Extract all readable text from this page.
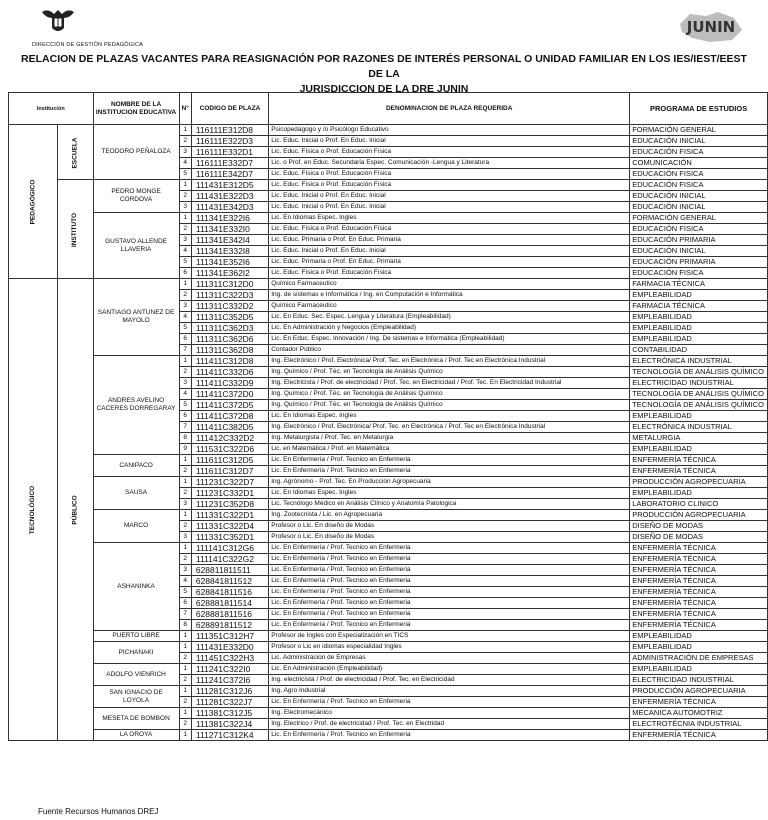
DIRECCIÓN DE GESTIÓN PEDAGÓGICA
JUNIN
RELACION DE PLAZAS VACANTES PARA REASIGNACIÓN POR RAZONES DE INTERÉS PERSONAL O UNIDAD FAMILIAR EN LOS IES/IEST/EEST DE LA
JURISDICCION DE LA DRE JUNIN
Institución		NOMBRE DE LA INSTITUCION EDUCATIVA	N°	CODIGO DE PLAZA	DENOMINACION DE PLAZA REQUERIDA	PROGRAMA DE ESTUDIOS
PEDAGÓGICO	ESCUELA	TEODORO PEÑALOZA	1	116111E312D8	Psicopedagogo y /o Psicólogo Educativo	FORMACIÓN GENERAL
			2	116111E322D3	Lic. Educ. Inicial o Prof. En Educ. Inicial	EDUCACIÓN INICIAL
			3	116111E332D1	Lic. Educ. Física o Prof. Educación Física	EDUCACIÓN FISICA
			4	116111E332D7	Lic. o Prof. en Educ. Secundaria Espec. Comunicación -Lengua y Literatura	COMUNICACIÓN
			5	116111E342D7	Lic. Educ. Física o Prof. Educación Física	EDUCACIÓN FISICA
	INSTITUTO	PEDRO MONGE CORDOVA	1	111431E312D5	Lic. Educ. Física o Prof. Educación Física	EDUCACIÓN FISICA
			2	111431E322D3	Lic. Educ. Inicial o Prof. En Educ. Inicial	EDUCACIÓN INICIAL
			3	111431E342D3	Lic. Educ. Inicial o Prof. En Educ. Inicial	EDUCACIÓN INICIAL
		GUSTAVO ALLENDE LLAVERIA	1	111341E322I6	Lic. En Idiomas Espec. Ingles	FORMACIÓN GENERAL
			2	111341E332I0	Lic. Educ. Física o Prof. Educación Física	EDUCACIÓN FISICA
			3	111341E342I4	Lic. Educ. Primaria o Prof. En Educ. Primaria	EDUCACIÓN PRIMARIA
			4	111341E332I8	Lic. Educ. Inicial o Prof. En Educ. Inicial	EDUCACIÓN INICIAL
			5	111341E352I6	Lic. Educ. Primaria o Prof. En Educ. Primaria	EDUCACIÓN PRIMARIA
			6	111341E362I2	Lic. Educ. Física o Prof. Educación Física	EDUCACIÓN FISICA
TECNOLÓGICO	PÚBLICO	SANTIAGO ANTUNEZ DE MAYOLO	1	111311C312D0	Químico Farmaceutico	FARMACIA TÉCNICA
			2	111311C322D3	Ing. de sistemas e Informática / Ing. en Computación e Informática	EMPLEABILIDAD
			3	111311C332D2	Químico Farmaceutico	FARMACIA TÉCNICA
			4	111311C352D5	Lic. En Educ. Sec. Espec. Lengua y Literatura (Empleabilidad)	EMPLEABILIDAD
			5	111311C362D3	Lic. En Administración y Negocios (Empleabilidad)	EMPLEABILIDAD
			6	111311C362D6	Lic. En Educ. Espec. Innovación / Ing. De sistemas e Informática (Empleabilidad)	EMPLEABILIDAD
			7	111311C362D8	Contador Público	CONTABILIDAD
		ANDRES AVELINO CACERES DORREGARAY	1	111411C312D8	Ing. Electrónico / Prof. Electrónica/ Prof. Tec. en Electrónica / Prof. Tec en Electrónica Industrial	ELECTRÓNICA INDUSTRIAL
			2	111411C332D6	Ing. Químico / Prof. Téc. en Tecnología de Análisis Químico	TECNOLOGÍA DE ANÁLISIS QUÍMICO
			3	111411C332D9	Ing. Electricista / Prof. de electricidad / Prof. Tec. en Electricidad / Prof. Tec. En Electricidad Industrial	ELECTRICIDAD INDUSTRIAL
			4	111411C372D0	Ing. Químico / Prof. Téc. en Tecnología de Análisis Químico	TECNOLOGÍA DE ANÁLISIS QUÍMICO
			5	111411C372D5	Ing. Químico / Prof. Téc. en Tecnología de Análisis Químico	TECNOLOGÍA DE ANÁLISIS QUÍMICO
			6	111411C372D8	Lic. En Idiomas Espec. Ingles	EMPLEABILIDAD
			7	111411C382D5	Ing. Electrónico / Prof. Electrónica/ Prof. Tec. en Electrónica / Prof. Tec en Electrónica Industrial	ELECTRÓNICA INDUSTRIAL
			8	111412C332D2	Ing. Metalurgista / Prof. Tec. en Metalurgia	METALURGIA
			9	111531C322D6	Lic. en Matemática / Prof. en Matemática	EMPLEABILIDAD
		CANIPACO	1	111611C312D5	Lic. En Enfermería / Prof. Tecnico en Enfermeria	ENFERMERÍA TÉCNICA
			2	111611C312D7	Lic. En Enfermería / Prof. Tecnico en Enfermeria	ENFERMERÍA TÉCNICA
		SAUSA	1	111231C322D7	Ing. Agrónomo - Prof. Tec. En Producción Agropecuaria	PRODUCCIÓN AGROPECUARIA
			2	111231C332D1	Lic. En Idiomas Espec. Ingles	EMPLEABILIDAD
			3	111231C352D8	Lic. Tecnólogo Médico en Análisis Clínico y Anatomía Patologica	LABORATORIO CLINICO
		MARCO	1	111331C322D1	Ing. Zootecnista / Lic. en Agropecuaria	PRODUCCIÓN AGROPECUARIA
			2	111331C322D4	Profesor o Lic. En diseño de Modas	DISEÑO DE MODAS
			3	111331C352D1	Profesor o Lic. En diseño de Modas	DISEÑO DE MODAS
		ASHANINKA	1	111141C312G6	Lic. En Enfermería / Prof. Tecnico en Enfermeria	ENFERMERÍA TÉCNICA
			2	111141C322G2	Lic. En Enfermería / Prof. Tecnico en Enfermeria	ENFERMERÍA TÉCNICA
			3	628811811511	Lic. En Enfermería / Prof. Tecnico en Enfermeria	ENFERMERÍA TÉCNICA
			4	628841811512	Lic. En Enfermería / Prof. Tecnico en Enfermeria	ENFERMERÍA TÉCNICA
			5	628841811516	Lic. En Enfermería / Prof. Tecnico en Enfermeria	ENFERMERÍA TÉCNICA
			6	628881811514	Lic. En Enfermería / Prof. Tecnico en Enfermeria	ENFERMERÍA TÉCNICA
			7	628881811516	Lic. En Enfermería / Prof. Tecnico en Enfermeria	ENFERMERÍA TÉCNICA
			8	628891811512	Lic. En Enfermería / Prof. Tecnico en Enfermeria	ENFERMERÍA TÉCNICA
		PUERTO LIBRE	1	111351C312H7	Profesor de Ingles con Especialización en TICS	EMPLEABILIDAD
		PICHANAKI	1	111431E332D0	Profesor o Lic en idiomas especialidad Ingles	EMPLEABILIDAD
			2	111451C322H3	Lic. Administracion de Empresas	ADMINISTRACIÓN DE EMPRESAS
		ADOLFO VIENRICH	1	111241C322I0	Lic. En Administración (Empleabilidad)	EMPLEABILIDAD
			2	111241C372I6	Ing. electricista / Prof. de electricidad / Prof. Tec. en Electricidad	ELECTRICIDAD INDUSTRIAL
		SAN IGNACIO DE LOYOLA	1	111281C312J6	Ing. Agro Industrial	PRODUCCIÓN AGROPECUARIA
			2	111281C322J7	Lic. En Enfermería / Prof. Tecnico en Enfermeria	ENFERMERÍA TÉCNICA
		MESETA DE BOMBON	1	111381C312J5	Ing. Electromecánico	MECANICA AUTOMOTRIZ
			2	111381C322J4	Ing. Electrico / Prof. de electricidad / Prof. Tec. en Electridad	ELECTROTÉCNIA INDUSTRIAL
		LA OROYA	1	111271C312K4	Lic. En Enfermería / Prof. Tecnico en Enfermeria	ENFERMERÍA TÉCNICA
Fuente Recursos Humanos DREJ
